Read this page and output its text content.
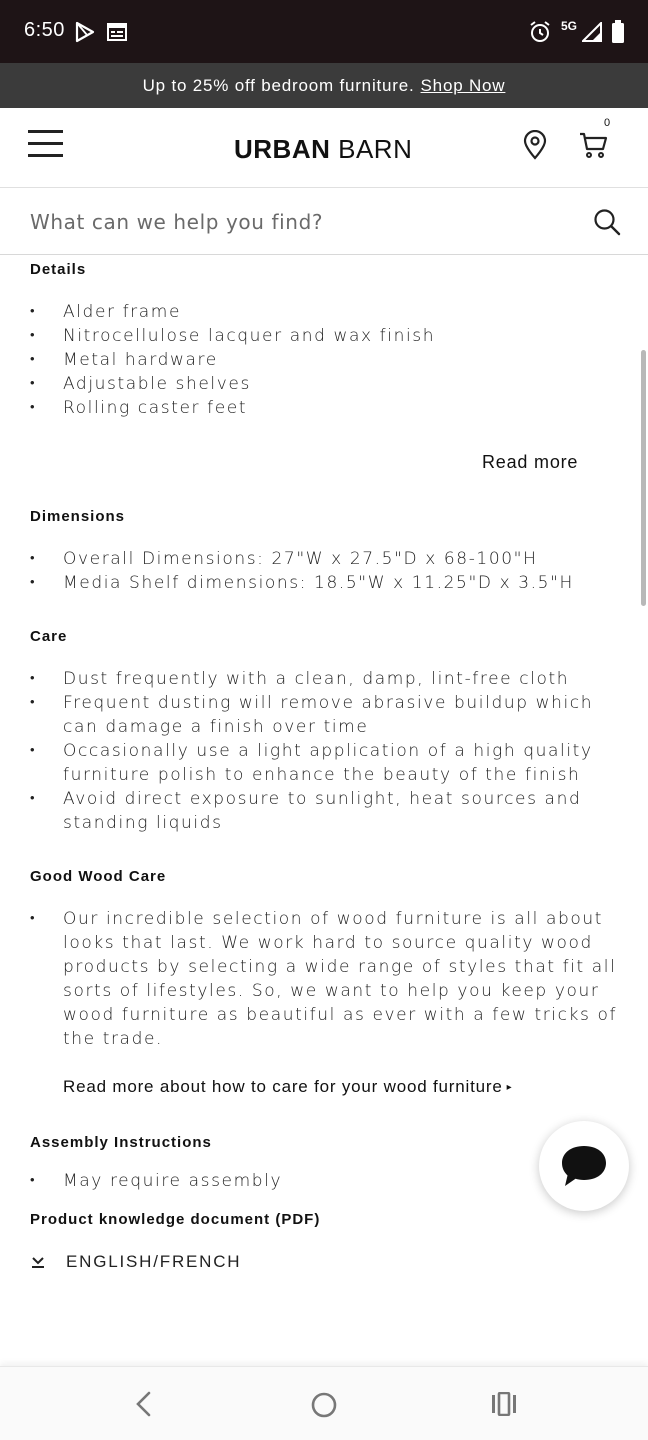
6:50	5G
Up to 25% off bedroom furniture. Shop Now
URBAN BARN
0
What can we help you find?
Details
• Alder frame
• Nitrocellulose lacquer and wax finish
• Metal hardware
• Adjustable shelves
• Rolling caster feet
Read more
Dimensions
• Overall Dimensions: 27"W x 27.5"D x 68-100"H
• Media Shelf dimensions: 18.5"W x 11.25"D x 3.5"H
Care
• Dust frequently with a clean, damp, lint-free cloth
• Frequent dusting will remove abrasive buildup which can damage a finish over time
• Occasionally use a light application of a high quality furniture polish to enhance the beauty of the finish
• Avoid direct exposure to sunlight, heat sources and standing liquids
Good Wood Care
• Our incredible selection of wood furniture is all about looks that last. We work hard to source quality wood products by selecting a wide range of styles that fit all sorts of lifestyles. So, we want to help you keep your wood furniture as beautiful as ever with a few tricks of the trade.
Read more about how to care for your wood furniture ▸
Assembly Instructions
• May require assembly
Product knowledge document (PDF)
ENGLISH/FRENCH
